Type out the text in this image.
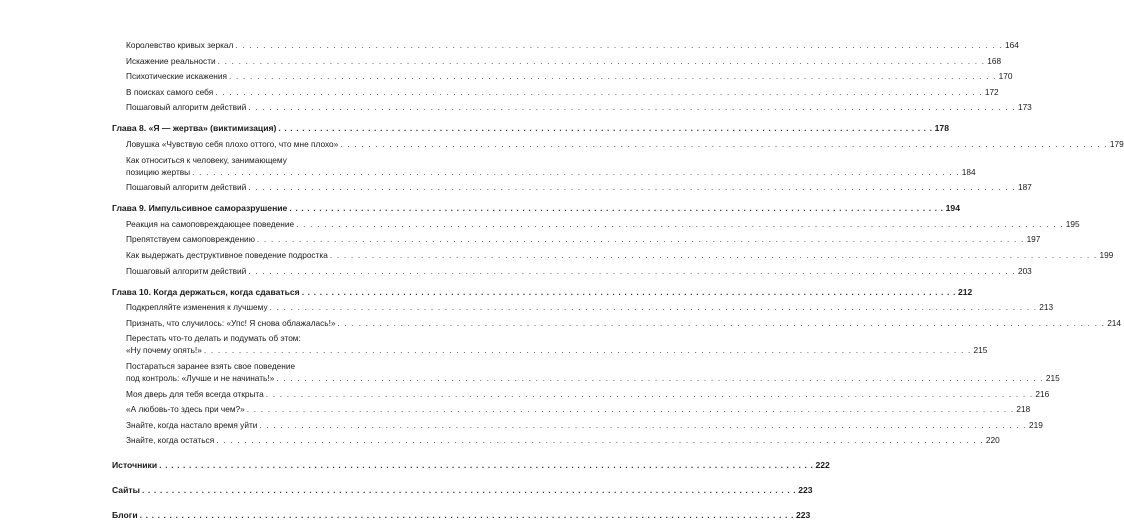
Королевство кривых зеркал . . .	164
Искажение реальности . . .	168
Психотические искажения . . .	170
В поисках самого себя . . .	172
Пошаговый алгоритм действий . . .	173
Глава 8. «Я — жертва» (виктимизация) . . .	178
Ловушка «Чувствую себя плохо оттого, что мне плохо» . . .	179
Как относиться к человеку, занимающему
позицию жертвы . . .	184
Пошаговый алгоритм действий . . .	187
Глава 9. Импульсивное саморазрушение . . .	194
Реакция на самоповреждающее поведение . . .	195
Препятствуем самоповреждению . . .	197
Как выдержать деструктивное поведение подростка . . .	199
Пошаговый алгоритм действий . . .	203
Глава 10. Когда держаться, когда сдаваться . . .	212
Подкрепляйте изменения к лучшему . . .	213
Признать, что случилось: «Упс! Я снова облажалась!» . . .	214
Перестать что-то делать и подумать об этом:
«Ну почему опять!» . . .	215
Постараться заранее взять свое поведение
под контроль: «Лучше и не начинать!» . . .	215
Моя дверь для тебя всегда открыта . . .	216
«А любовь-то здесь при чем?» . . .	218
Знайте, когда настало время уйти . . .	219
Знайте, когда остаться . . .	220
Источники . . .	222
Сайты . . .	223
Блоги . . .	223
